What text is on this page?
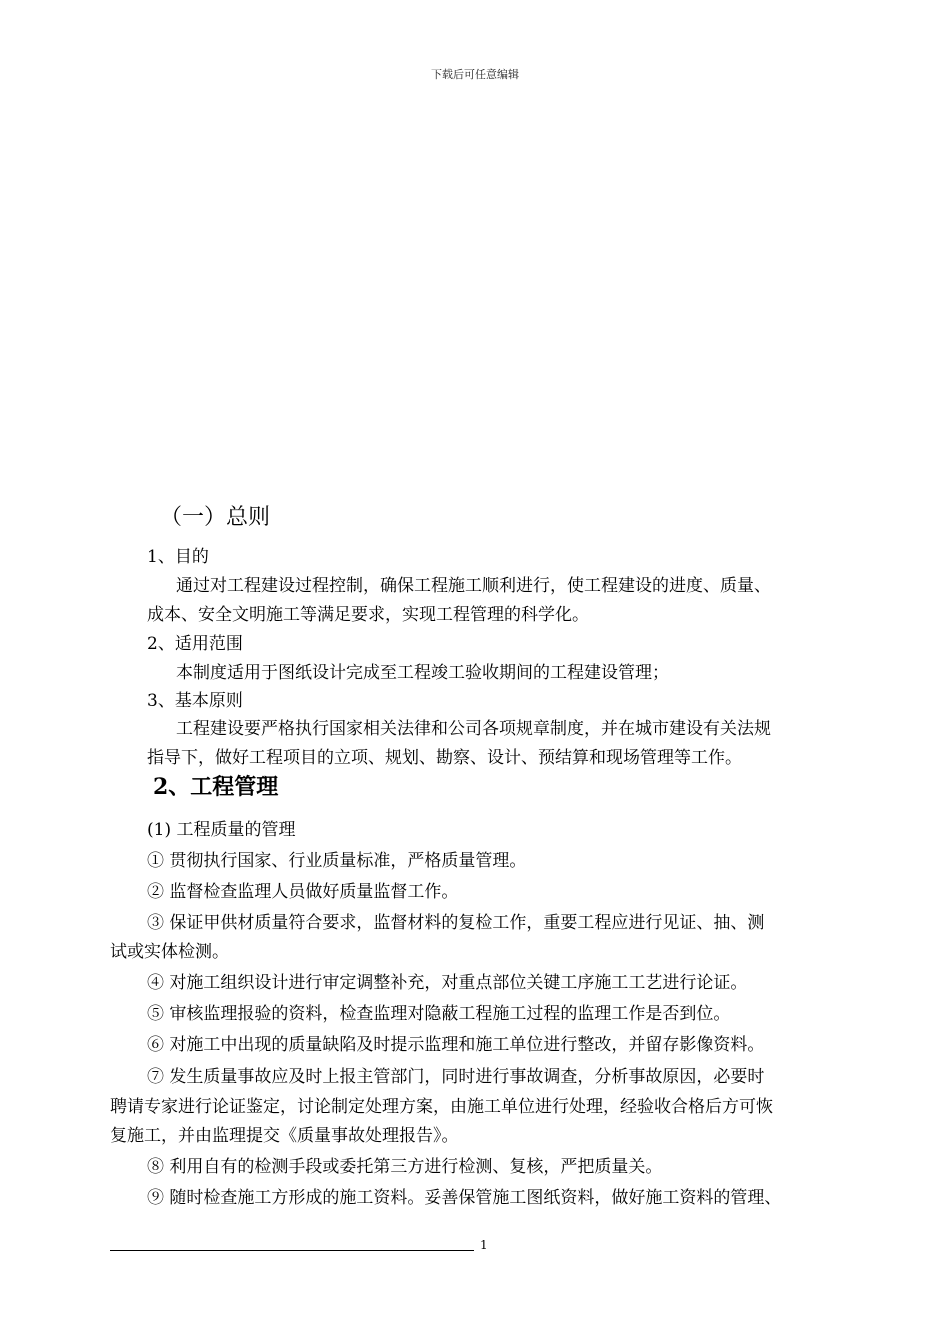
下载后可任意编辑
（一）总则
1、目的
通过对工程建设过程控制，确保工程施工顺利进行，使工程建设的进度、质量、
成本、安全文明施工等满足要求，实现工程管理的科学化。
2、适用范围
本制度适用于图纸设计完成至工程竣工验收期间的工程建设管理；
3、基本原则
工程建设要严格执行国家相关法律和公司各项规章制度，并在城市建设有关法规
指导下，做好工程项目的立项、规划、勘察、设计、预结算和现场管理等工作。
2、工程管理
(1) 工程质量的管理
① 贯彻执行国家、行业质量标准，严格质量管理。
② 监督检查监理人员做好质量监督工作。
③ 保证甲供材质量符合要求，监督材料的复检工作，重要工程应进行见证、抽、测
试或实体检测。
④ 对施工组织设计进行审定调整补充，对重点部位关键工序施工工艺进行论证。
⑤ 审核监理报验的资料，检查监理对隐蔽工程施工过程的监理工作是否到位。
⑥ 对施工中出现的质量缺陷及时提示监理和施工单位进行整改，并留存影像资料。
⑦ 发生质量事故应及时上报主管部门，同时进行事故调查，分析事故原因，必要时
聘请专家进行论证鉴定，讨论制定处理方案，由施工单位进行处理，经验收合格后方可恢
复施工，并由监理提交《质量事故处理报告》。
⑧ 利用自有的检测手段或委托第三方进行检测、复核，严把质量关。
⑨ 随时检查施工方形成的施工资料。妥善保管施工图纸资料，做好施工资料的管理、
1
